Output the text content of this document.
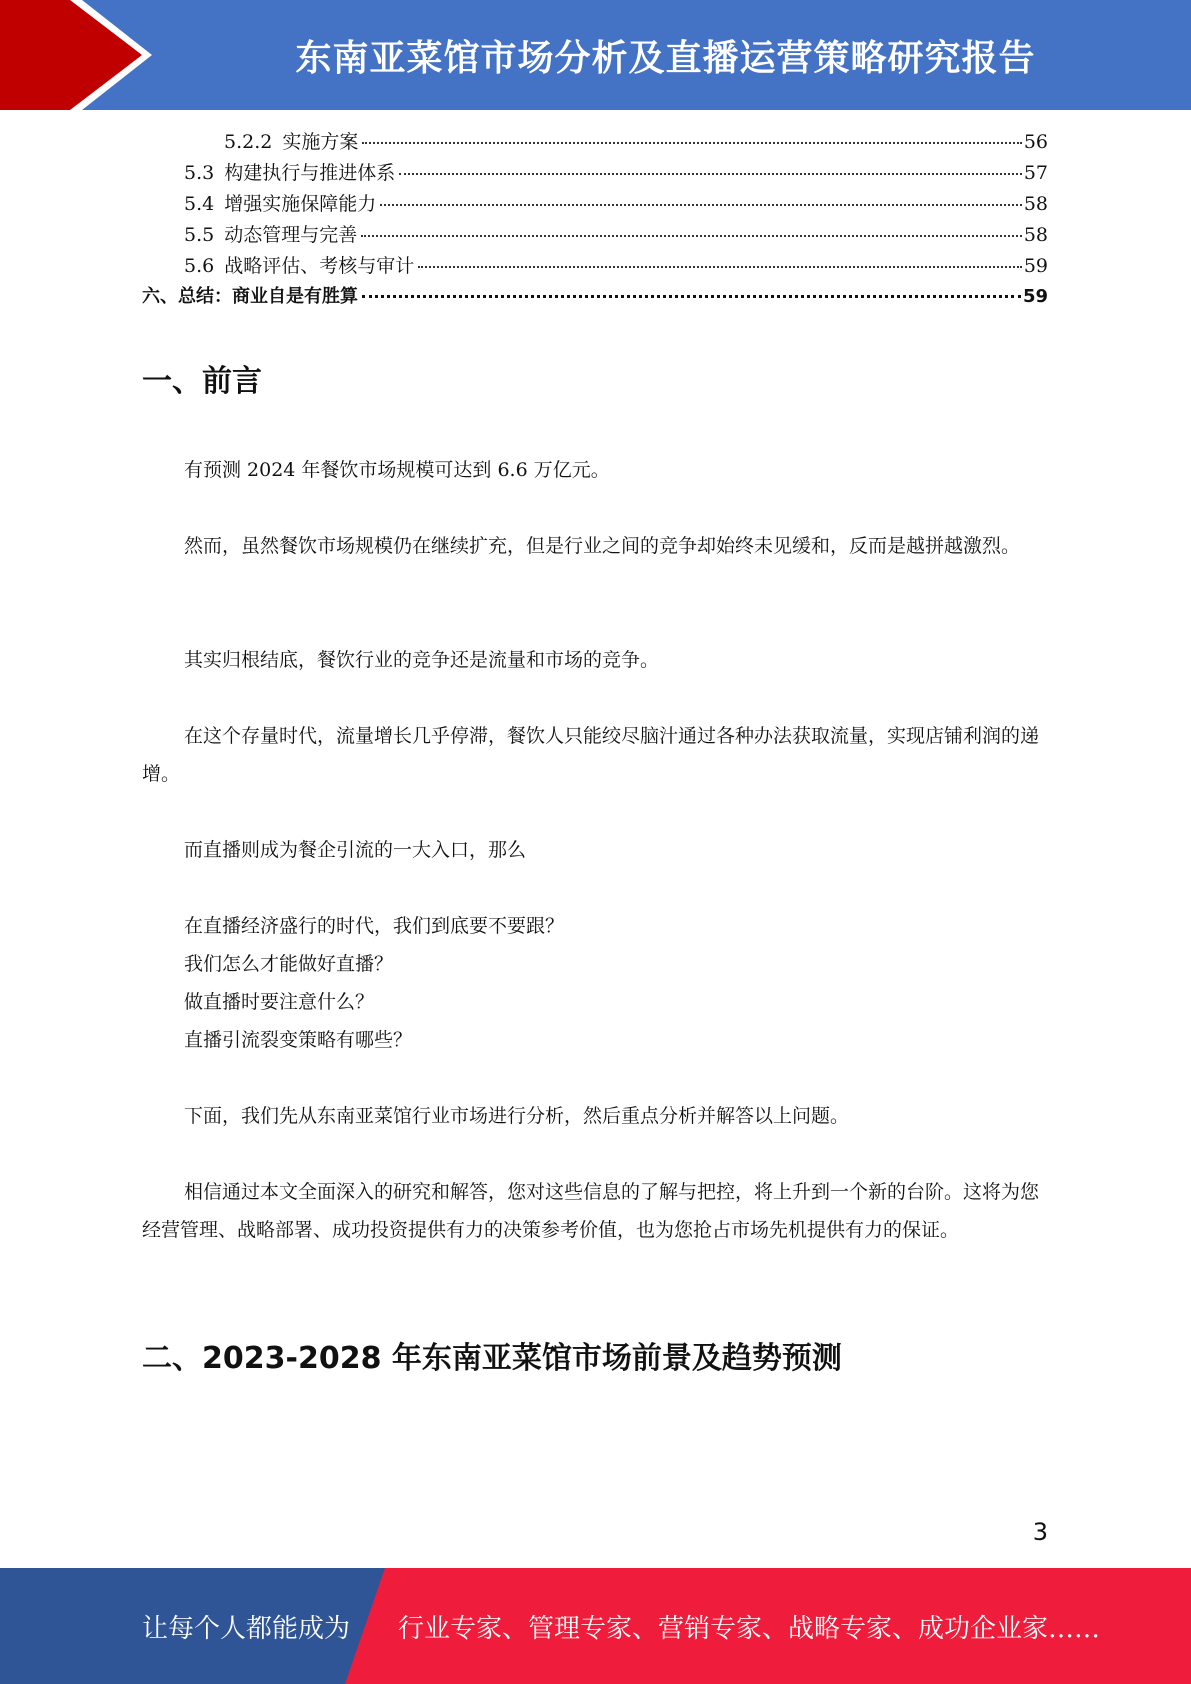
东南亚菜馆市场分析及直播运营策略研究报告
5.2.2 实施方案	56
5.3 构建执行与推进体系	57
5.4 增强实施保障能力	58
5.5 动态管理与完善	58
5.6 战略评估、考核与审计	59
六、总结：商业自是有胜算	59
一、前言
有预测 2024 年餐饮市场规模可达到 6.6 万亿元。
然而，虽然餐饮市场规模仍在继续扩充，但是行业之间的竞争却始终未见缓和，反而是越拼越激烈。
其实归根结底，餐饮行业的竞争还是流量和市场的竞争。
在这个存量时代，流量增长几乎停滞，餐饮人只能绞尽脑汁通过各种办法获取流量，实现店铺利润的递增。
而直播则成为餐企引流的一大入口，那么
在直播经济盛行的时代，我们到底要不要跟？
我们怎么才能做好直播？
做直播时要注意什么？
直播引流裂变策略有哪些？
下面，我们先从东南亚菜馆行业市场进行分析，然后重点分析并解答以上问题。
相信通过本文全面深入的研究和解答，您对这些信息的了解与把控，将上升到一个新的台阶。这将为您经营管理、战略部署、成功投资提供有力的决策参考价值，也为您抢占市场先机提供有力的保证。
二、2023-2028 年东南亚菜馆市场前景及趋势预测
3
让每个人都能成为 行业专家、管理专家、营销专家、战略专家、成功企业家……
